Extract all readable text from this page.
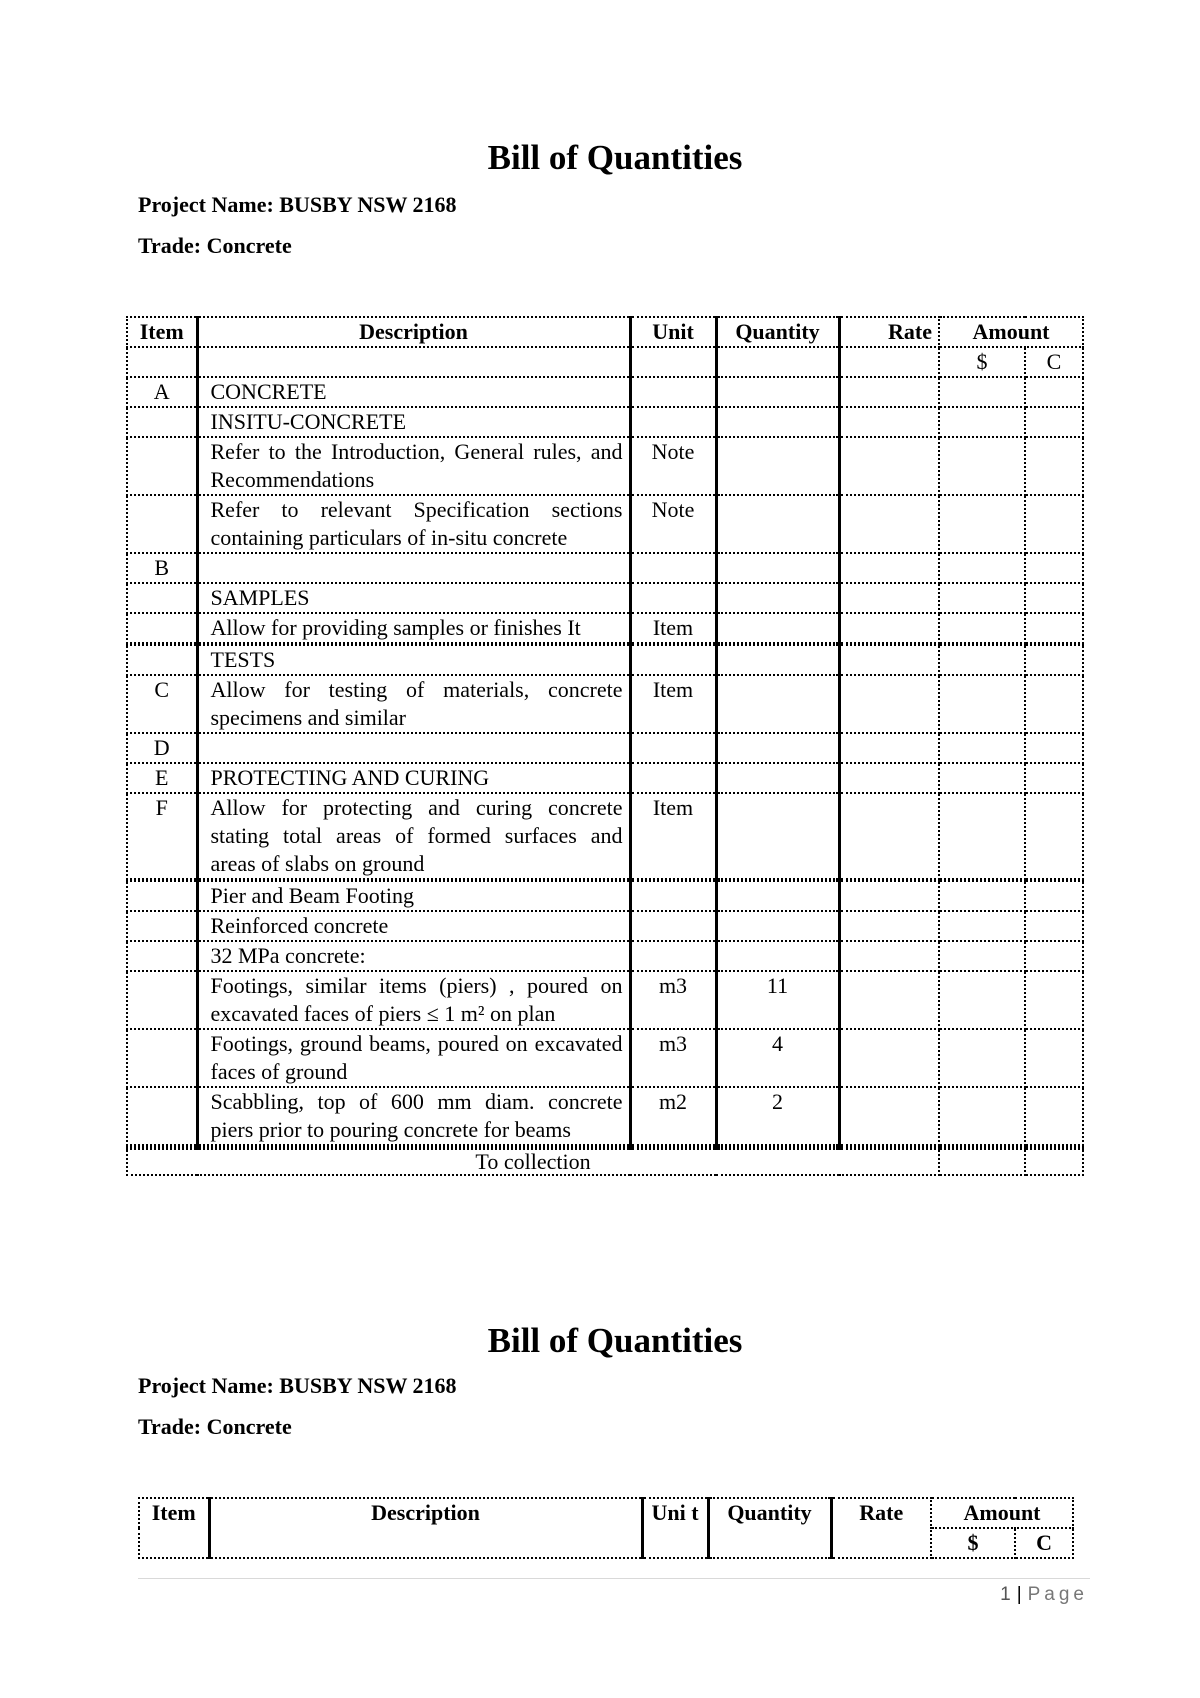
Bill of Quantities

Project Name: BUSBY NSW 2168

Trade: Concrete

Item	Description	Unit	Quantity	Rate	Amount	
					$	C
A	CONCRETE					
	INSITU-CONCRETE					
	Refer to the Introduction, General rules, and Recommendations	Note				
	Refer to relevant Specification sections containing particulars of in-situ concrete	Note				
B						
	SAMPLES					
	Allow for providing samples or finishes It	Item				

	TESTS					
C	Allow for testing of materials, concrete specimens and similar	Item				
D						
E	PROTECTING AND CURING					
F	Allow for protecting and curing concrete stating total areas of formed surfaces and areas of slabs on ground	Item				

	Pier and Beam Footing					
	Reinforced concrete					
	32 MPa concrete:					
	Footings, similar items (piers) , poured on excavated faces of piers ≤ 1 m² on plan	m3	11			
	Footings, ground beams, poured on excavated faces of ground	m3	4			
	Scabbling, top of 600 mm diam. concrete piers prior to pouring concrete for beams	m2	2			

To collection						
Bill of Quantities

Project Name: BUSBY NSW 2168

Trade: Concrete

Item	Description	Uni t	Quantity	Rate	Amount	
					$	C
1 | Page
